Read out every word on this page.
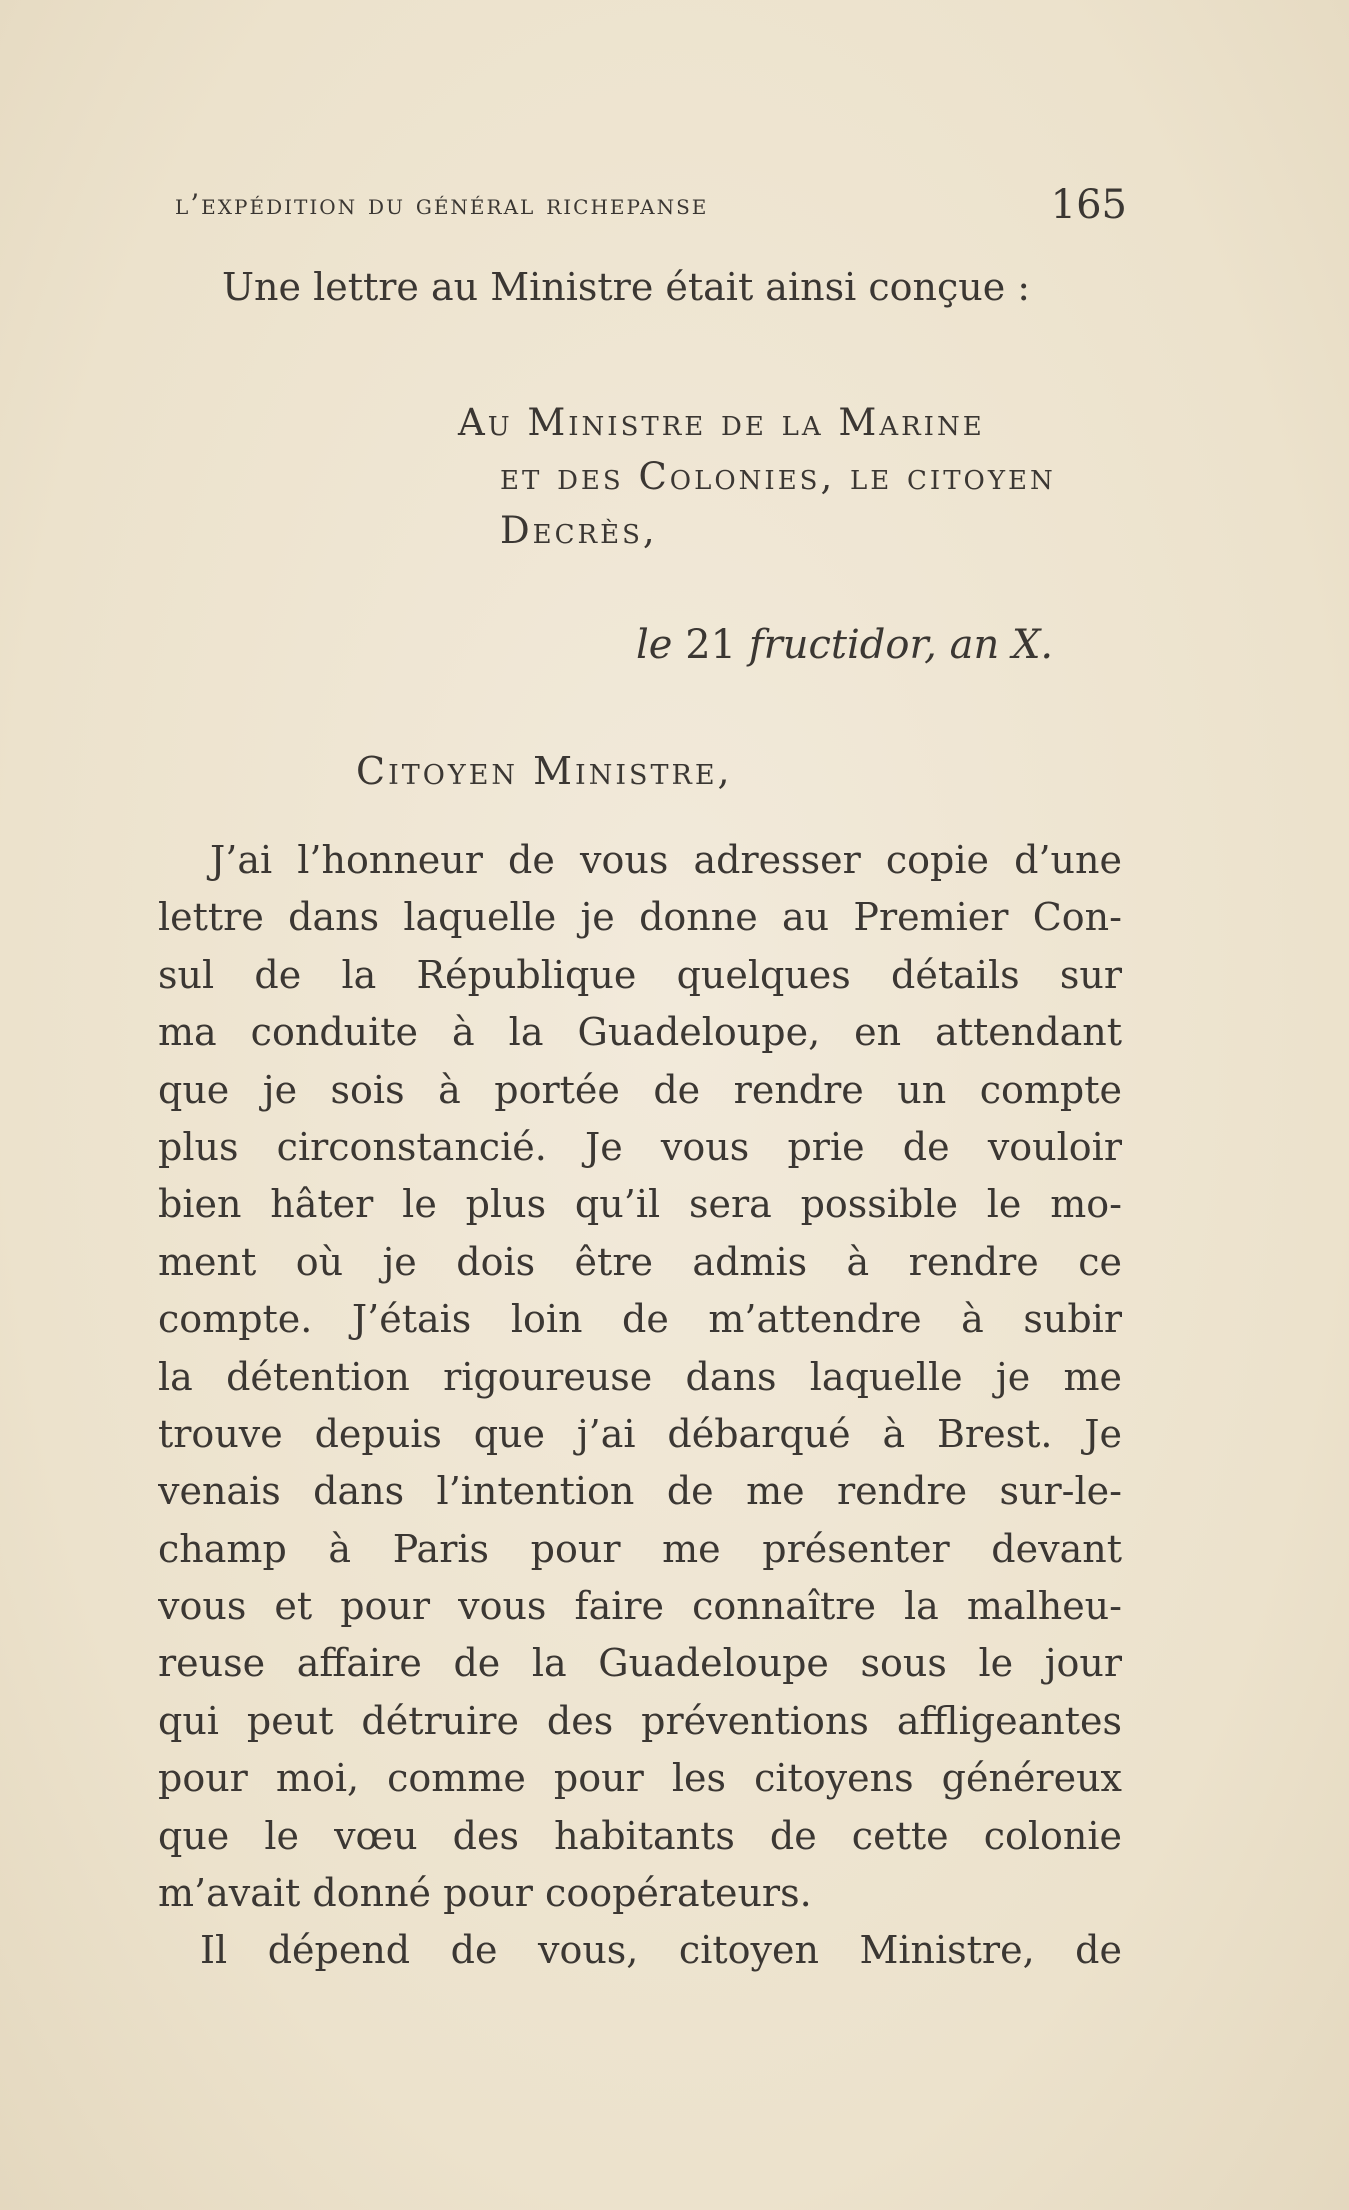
l’expédition du général richepanse	165
Une lettre au Ministre était ainsi conçue :
Au Ministre de la Marine
et des Colonies, le citoyen
Decrès,
le 21 fructidor, an X.
Citoyen Ministre,
J’ai l’honneur de vous adresser copie d’une
lettre dans laquelle je donne au Premier Con-
sul de la République quelques détails sur
ma conduite à la Guadeloupe, en attendant
que je sois à portée de rendre un compte
plus circonstancié. Je vous prie de vouloir
bien hâter le plus qu’il sera possible le mo-
ment où je dois être admis à rendre ce
compte. J’étais loin de m’attendre à subir
la détention rigoureuse dans laquelle je me
trouve depuis que j’ai débarqué à Brest. Je
venais dans l’intention de me rendre sur-le-
champ à Paris pour me présenter devant
vous et pour vous faire connaître la malheu-
reuse affaire de la Guadeloupe sous le jour
qui peut détruire des préventions affligeantes
pour moi, comme pour les citoyens généreux
que le vœu des habitants de cette colonie
m’avait donné pour coopérateurs.
Il dépend de vous, citoyen Ministre, de
